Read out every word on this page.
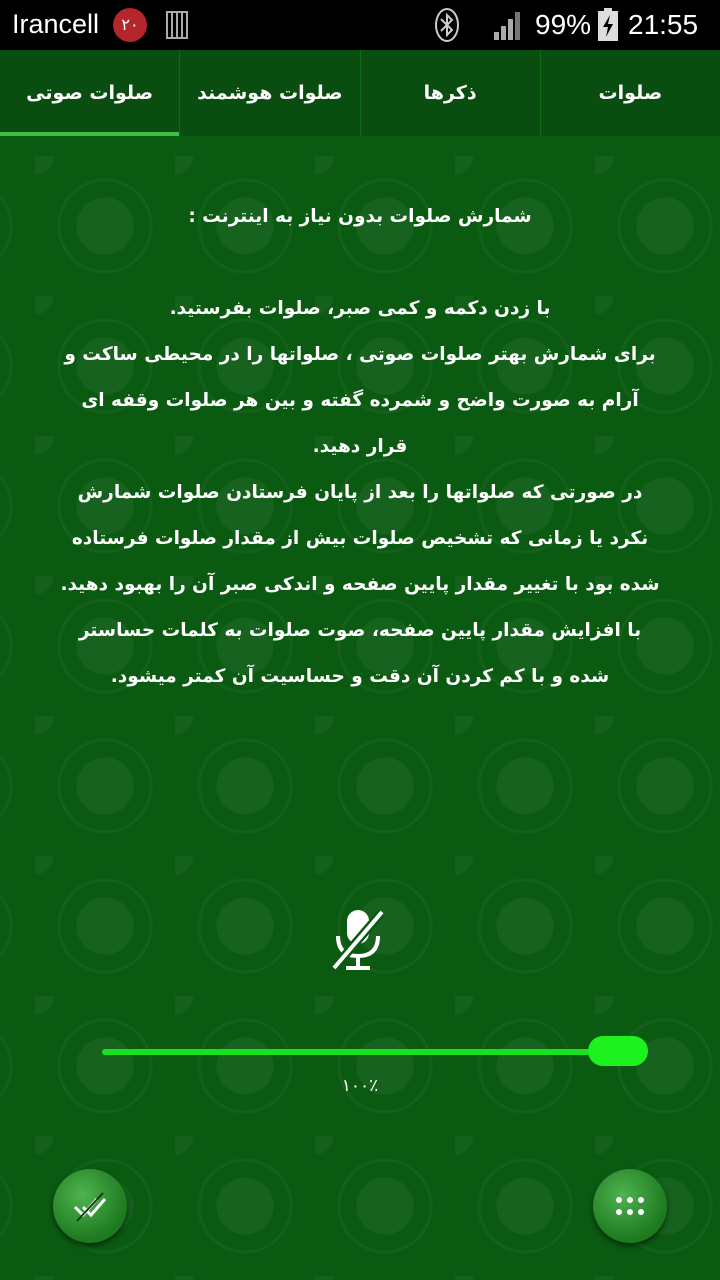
Irancell	۲۰	99% 21:55
صلوات صوتی صلوات هوشمند	ذکرها	صلوات

شمارش صلوات بدون نیاز به اینترنت :

با زدن دکمه و کمی صبر، صلوات بفرستید.

برای شمارش بهتر صلوات صوتی ، صلواتها را در محیطی ساکت و آرام به صورت واضح و شمرده گفته و بین هر صلوات وقفه ای قرار دهید.

در صورتی که صلواتها را بعد از پایان فرستادن صلوات شمارش نکرد یا زمانی که تشخیص صلوات بیش از مقدار صلوات فرستاده شده بود با تغییر مقدار پایین صفحه و اندکی صبر آن را بهبود دهید.

با افزایش مقدار پایین صفحه، صوت صلوات به کلمات حساستر شده و با کم کردن آن دقت و حساسیت آن کمتر میشود.

۱۰۰٪
